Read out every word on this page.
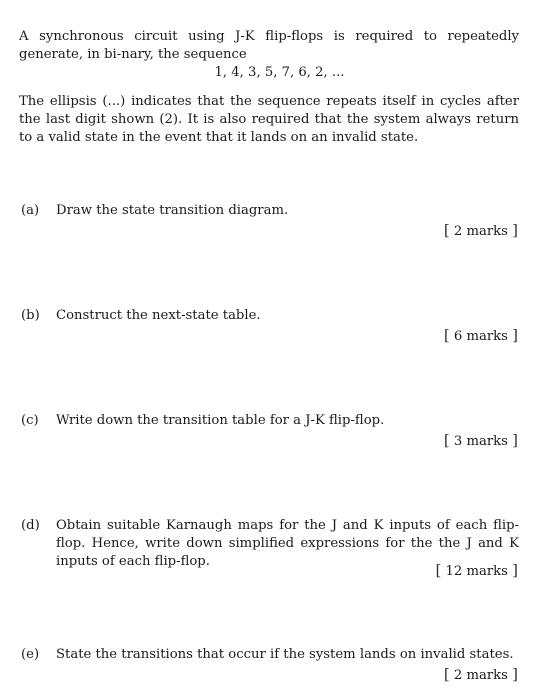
A synchronous circuit using J-K flip-flops is required to repeatedly generate, in bi-nary, the sequence

1, 4, 3, 5, 7, 6, 2, ...

The ellipsis (...) indicates that the sequence repeats itself in cycles after the last digit shown (2). It is also required that the system always return to a valid state in the event that it lands on an invalid state.

(a)	Draw the state transition diagram.
[ 2 marks ]
(b)	Construct the next-state table.
[ 6 marks ]
(c)	Write down the transition table for a J-K flip-flop.
[ 3 marks ]
(d)	Obtain suitable Karnaugh maps for the J and K inputs of each flip-flop. Hence, write down simplified expressions for the the J and K inputs of each flip-flop.	[ 12 marks ]
(e)	State the transitions that occur if the system lands on invalid states.
[ 2 marks ]
